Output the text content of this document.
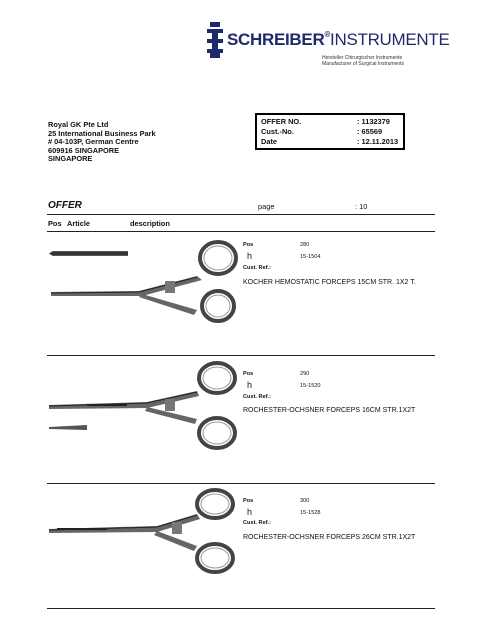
SCHREIBER®INSTRUMENTE
Hersteller Chirurgischer Instrumente
Manufacturer of Surgical Instruments
Royal GK Pte Ltd
25 International Business Park
# 04-103P, German Centre
609916 SINGAPORE
SINGAPORE
OFFER NO.	: 1132379
Cust.-No.	: 65569
Date	: 12.11.2013
OFFER	page	: 10
Pos Article	description
Pos	280
h	15-1504
Cust. Ref.:
KOCHER HEMOSTATIC FORCEPS 15CM STR. 1X2 T.
Pos	290
h	15-1520
Cust. Ref.:
ROCHESTER-OCHSNER FORCEPS 16CM STR.1X2T
Pos	300
h	15-1528
Cust. Ref.:
ROCHESTER-OCHSNER FORCEPS 26CM STR.1X2T
